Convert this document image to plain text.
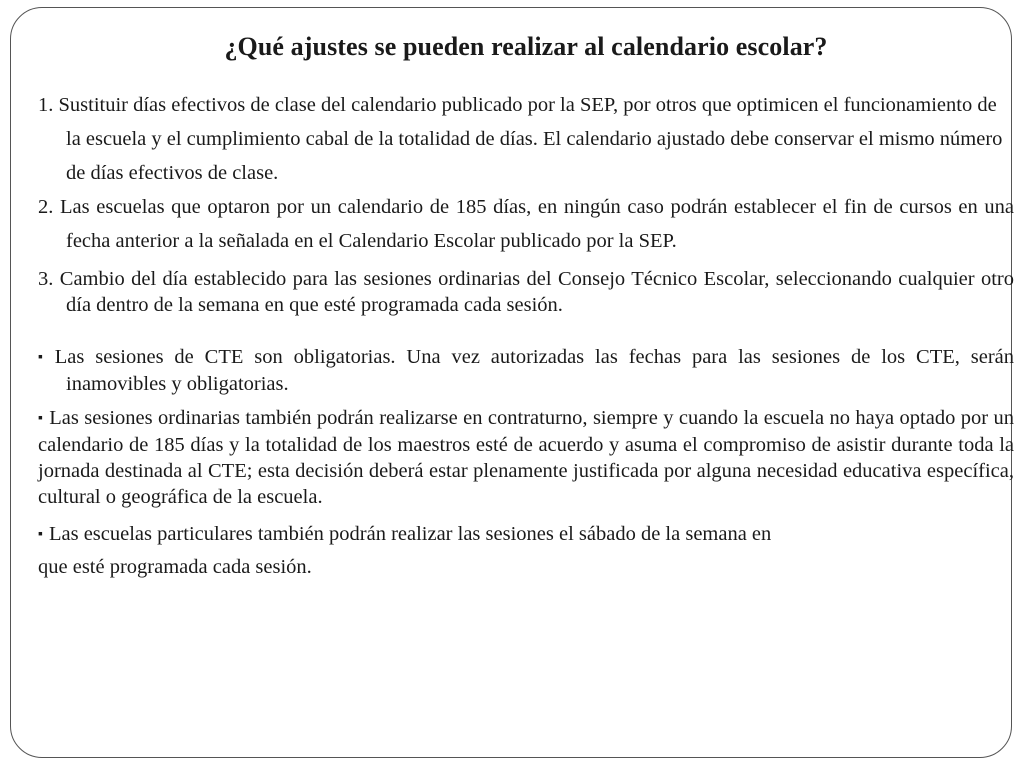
¿Qué ajustes se pueden realizar al calendario escolar?

1. Sustituir días efectivos de clase del calendario publicado por la SEP, por otros que optimicen el funcionamiento de la escuela y el cumplimiento cabal de la totalidad de días. El calendario ajustado debe conservar el mismo número de días efectivos de clase.

2. Las escuelas que optaron por un calendario de 185 días, en ningún caso podrán establecer el fin de cursos en una fecha anterior a la señalada en el Calendario Escolar publicado por la SEP.

3. Cambio del día establecido para las sesiones ordinarias del Consejo Técnico Escolar, seleccionando cualquier otro día dentro de la semana en que esté programada cada sesión.

▪ Las sesiones de CTE son obligatorias. Una vez autorizadas las fechas para las sesiones de los CTE, serán inamovibles y obligatorias.

▪ Las sesiones ordinarias también podrán realizarse en contraturno, siempre y cuando la escuela no haya optado por un calendario de 185 días y la totalidad de los maestros esté de acuerdo y asuma el compromiso de asistir durante toda la jornada destinada al CTE; esta decisión deberá estar plenamente justificada por alguna necesidad educativa específica, cultural o geográfica de la escuela.

▪ Las escuelas particulares también podrán realizar las sesiones el sábado de la semana en
que esté programada cada sesión.
